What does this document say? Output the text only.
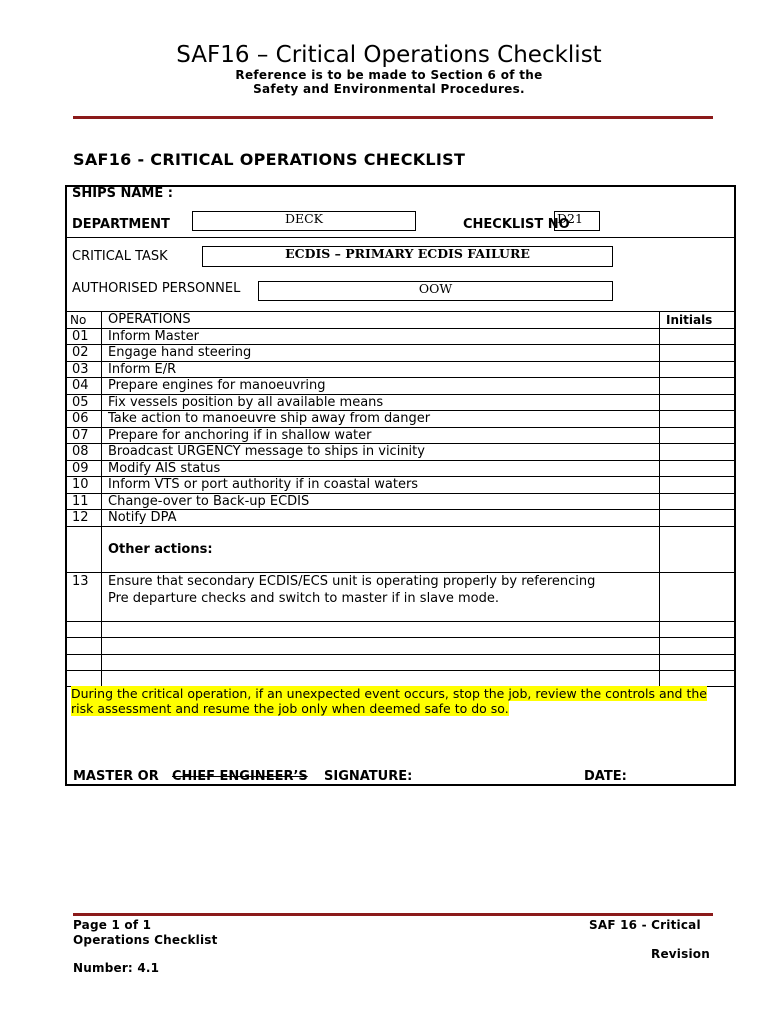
SAF16 – Critical Operations Checklist
Reference is to be made to Section 6 of the
Safety and Environmental Procedures.
SAF16 - CRITICAL OPERATIONS CHECKLIST
SHIPS NAME :
DEPARTMENT	DECK	CHECKLIST NO
D21
CRITICAL TASK	ECDIS – PRIMARY ECDIS FAILURE
AUTHORISED PERSONNEL	OOW
No OPERATIONS	Initials
01 Inform Master
02 Engage hand steering
03 Inform E/R
04 Prepare engines for manoeuvring
05 Fix vessels position by all available means
06 Take action to manoeuvre ship away from danger
07 Prepare for anchoring if in shallow water
08 Broadcast URGENCY message to ships in vicinity
09 Modify AIS status
10 Inform VTS or port authority if in coastal waters
11 Change-over to Back-up ECDIS
12 Notify DPA
Other actions:
13 Ensure that secondary ECDIS/ECS unit is operating properly by referencing
Pre departure checks and switch to master if in slave mode.
During the critical operation, if an unexpected event occurs, stop the job, review the controls and the risk assessment and resume the job only when deemed safe to do so.
MASTER OR CHIEF ENGINEER’S SIGNATURE:	DATE:
Page 1 of 1
Operations Checklist
SAF 16 - Critical
Revision
Number: 4.1
